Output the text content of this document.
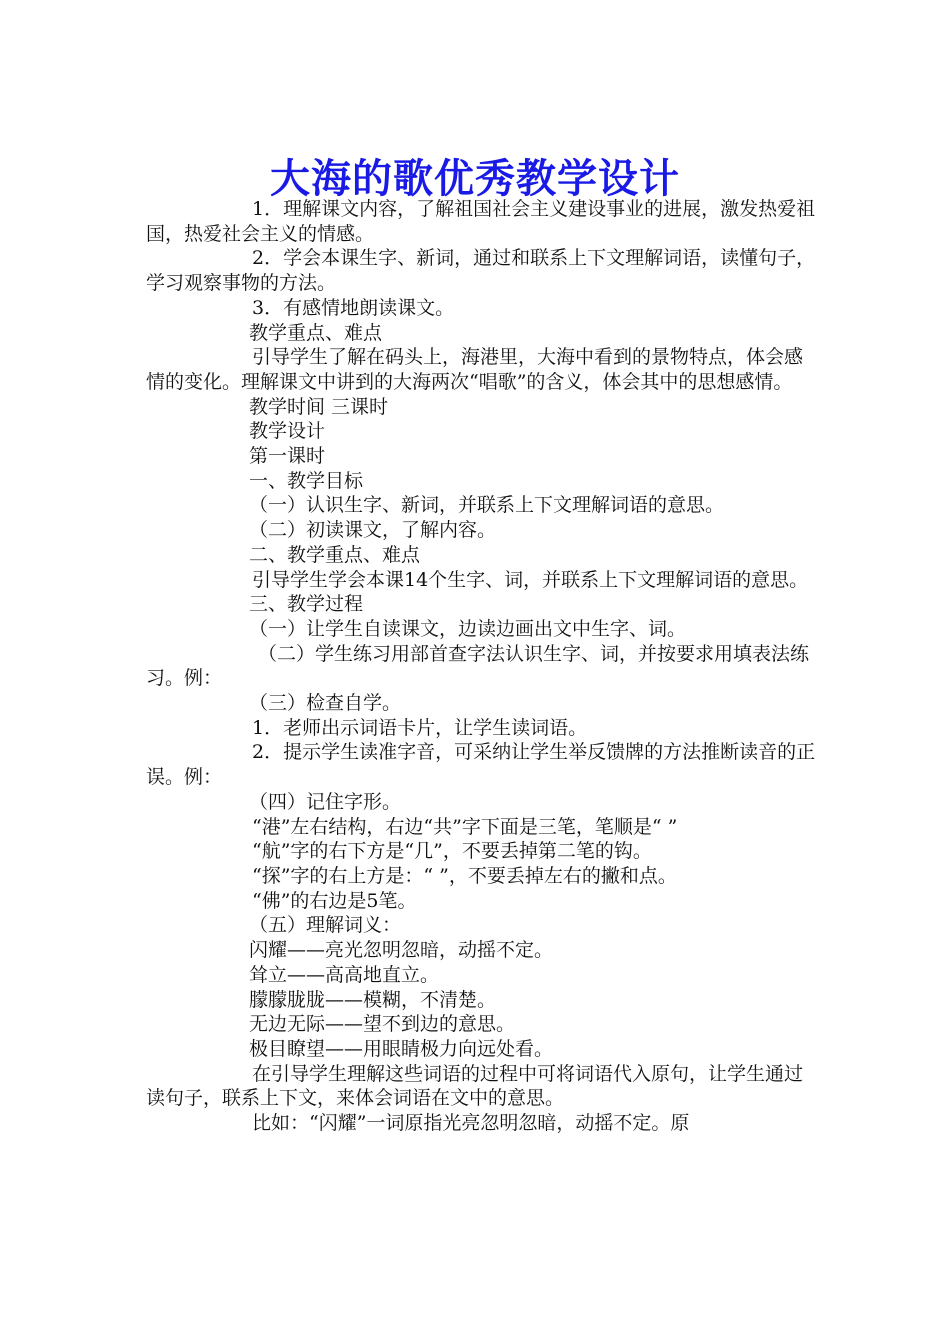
大海的歌优秀教学设计

1．理解课文内容，了解祖国社会主义建设事业的进展，激发热爱祖国，热爱社会主义的情感。

2．学会本课生字、新词，通过和联系上下文理解词语，读懂句子，学习观察事物的方法。

3．有感情地朗读课文。

教学重点、难点

引导学生了解在码头上，海港里，大海中看到的景物特点，体会感情的变化。理解课文中讲到的大海两次“唱歌”的含义，体会其中的思想感情。

教学时间 三课时

教学设计

第一课时

一、教学目标

（一）认识生字、新词，并联系上下文理解词语的意思。

（二）初读课文，了解内容。

二、教学重点、难点

引导学生学会本课14个生字、词，并联系上下文理解词语的意思。

三、教学过程

（一）让学生自读课文，边读边画出文中生字、词。

（二）学生练习用部首查字法认识生字、词，并按要求用填表法练习。例：

（三）检查自学。

1．老师出示词语卡片，让学生读词语。

2．提示学生读准字音，可采纳让学生举反馈牌的方法推断读音的正误。例：

（四）记住字形。

“港”左右结构，右边“共”字下面是三笔，笔顺是“ ”

“航”字的右下方是“几”，不要丢掉第二笔的钩。

“探”字的右上方是：“ ”，不要丢掉左右的撇和点。

“佛”的右边是5笔。

（五）理解词义：

闪耀——亮光忽明忽暗，动摇不定。

耸立——高高地直立。

朦朦胧胧——模糊，不清楚。

无边无际——望不到边的意思。

极目瞭望——用眼睛极力向远处看。

在引导学生理解这些词语的过程中可将词语代入原句，让学生通过读句子，联系上下文，来体会词语在文中的意思。

比如：“闪耀”一词原指光亮忽明忽暗，动摇不定。原
